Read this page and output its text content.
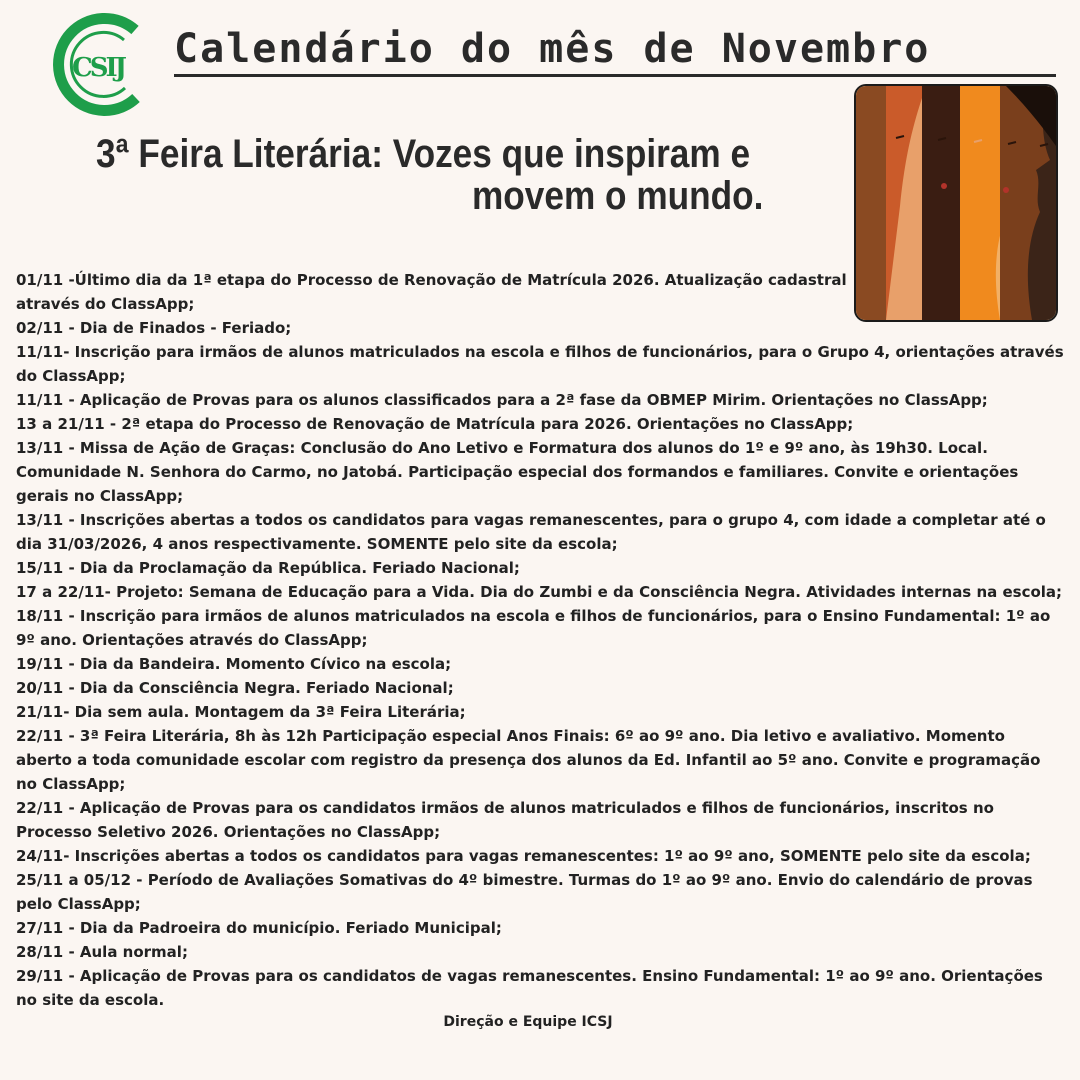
CSIJ Calendário do mês de Novembro
3ª Feira Literária: Vozes que inspiram e
movem o mundo.
01/11 -Último dia da 1ª etapa do Processo de Renovação de Matrícula 2026. Atualização cadastral através do ClassApp;
02/11 - Dia de Finados - Feriado;
11/11- Inscrição para irmãos de alunos matriculados na escola e filhos de funcionários, para o Grupo 4, orientações através do ClassApp;
11/11 - Aplicação de Provas para os alunos classificados para a 2ª fase da OBMEP Mirim. Orientações no ClassApp;
13 a 21/11 - 2ª etapa do Processo de Renovação de Matrícula para 2026. Orientações no ClassApp;
13/11 - Missa de Ação de Graças: Conclusão do Ano Letivo e Formatura dos alunos do 1º e 9º ano, às 19h30. Local. Comunidade N. Senhora do Carmo, no Jatobá. Participação especial dos formandos e familiares. Convite e orientações gerais no ClassApp;
13/11 - Inscrições abertas a todos os candidatos para vagas remanescentes, para o grupo 4, com idade a completar até o dia 31/03/2026, 4 anos respectivamente. SOMENTE pelo site da escola;
15/11 - Dia da Proclamação da República. Feriado Nacional;
17 a 22/11- Projeto: Semana de Educação para a Vida. Dia do Zumbi e da Consciência Negra. Atividades internas na escola;
18/11 - Inscrição para irmãos de alunos matriculados na escola e filhos de funcionários, para o Ensino Fundamental: 1º ao 9º ano. Orientações através do ClassApp;
19/11 - Dia da Bandeira. Momento Cívico na escola;
20/11 - Dia da Consciência Negra. Feriado Nacional;
21/11- Dia sem aula. Montagem da 3ª Feira Literária;
22/11 - 3ª Feira Literária, 8h às 12h Participação especial Anos Finais: 6º ao 9º ano. Dia letivo e avaliativo. Momento aberto a toda comunidade escolar com registro da presença dos alunos da Ed. Infantil ao 5º ano. Convite e programação no ClassApp;
22/11 - Aplicação de Provas para os candidatos irmãos de alunos matriculados e filhos de funcionários, inscritos no Processo Seletivo 2026. Orientações no ClassApp;
24/11- Inscrições abertas a todos os candidatos para vagas remanescentes: 1º ao 9º ano, SOMENTE pelo site da escola;
25/11 a 05/12 - Período de Avaliações Somativas do 4º bimestre. Turmas do 1º ao 9º ano. Envio do calendário de provas pelo ClassApp;
27/11 - Dia da Padroeira do município. Feriado Municipal;
28/11 - Aula normal;
29/11 - Aplicação de Provas para os candidatos de vagas remanescentes. Ensino Fundamental: 1º ao 9º ano. Orientações no site da escola.

Direção e Equipe ICSJ
